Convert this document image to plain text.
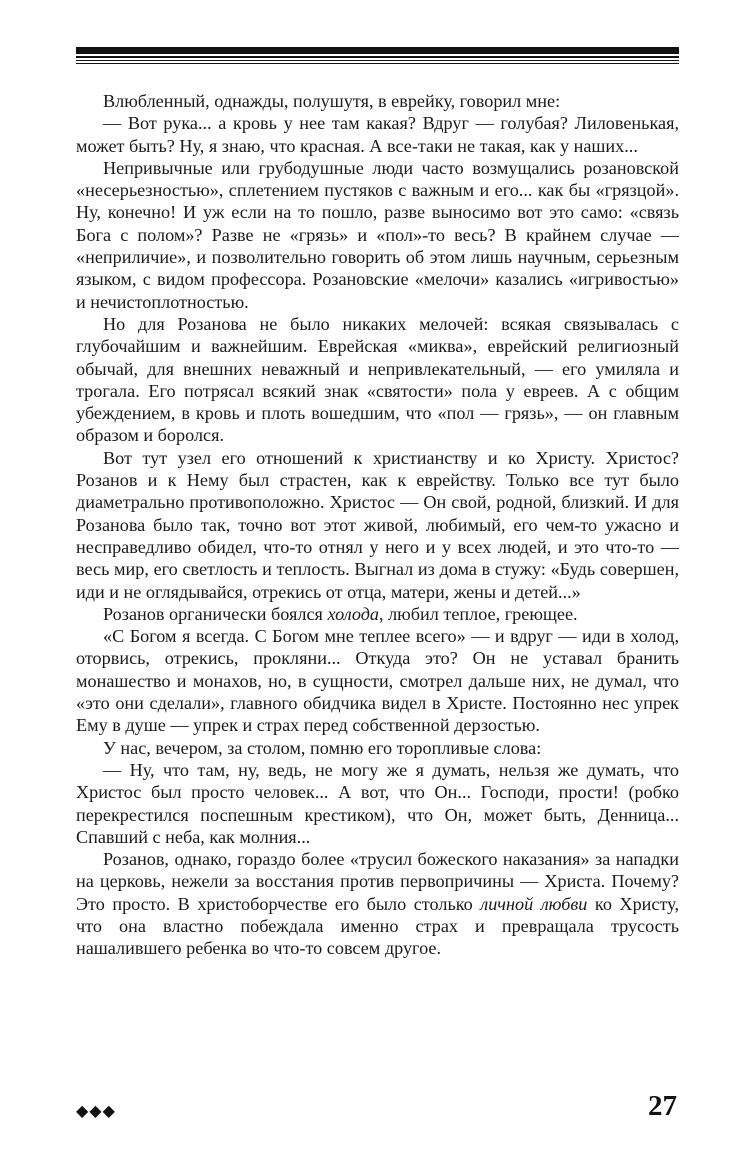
Влюбленный, однажды, полушутя, в еврейку, говорил мне:

— Вот рука... а кровь у нее там какая? Вдруг — голубая? Лиловенькая, может быть? Ну, я знаю, что красная. А все-таки не такая, как у наших...

Непривычные или грубодушные люди часто возмущались розановской «несерьезностью», сплетением пустяков с важным и его... как бы «грязцой». Ну, конечно! И уж если на то пошло, разве выносимо вот это само: «связь Бога с полом»? Разве не «грязь» и «пол»-то весь? В крайнем случае — «неприличие», и позволительно говорить об этом лишь научным, серьезным языком, с видом профессора. Розановские «мелочи» казались «игривостью» и нечистоплотностью.

Но для Розанова не было никаких мелочей: всякая связывалась с глубочайшим и важнейшим. Еврейская «миква», еврейский религиозный обычай, для внешних неважный и непривлекательный, — его умиляла и трогала. Его потрясал всякий знак «святости» пола у евреев. А с общим убеждением, в кровь и плоть вошедшим, что «пол — грязь», — он главным образом и боролся.

Вот тут узел его отношений к христианству и ко Христу. Христос? Розанов и к Нему был страстен, как к еврейству. Только все тут было диаметрально противоположно. Христос — Он свой, родной, близкий. И для Розанова было так, точно вот этот живой, любимый, его чем-то ужасно и несправедливо обидел, что-то отнял у него и у всех людей, и это что-то — весь мир, его светлость и теплость. Выгнал из дома в стужу: «Будь совершен, иди и не оглядывайся, отрекись от отца, матери, жены и детей...»

Розанов органически боялся холода, любил теплое, греющее.

«С Богом я всегда. С Богом мне теплее всего» — и вдруг — иди в холод, оторвись, отрекись, прокляни... Откуда это? Он не уставал бранить монашество и монахов, но, в сущности, смотрел дальше них, не думал, что «это они сделали», главного обидчика видел в Христе. Постоянно нес упрек Ему в душе — упрек и страх перед собственной дерзостью.

У нас, вечером, за столом, помню его торопливые слова:

— Ну, что там, ну, ведь, не могу же я думать, нельзя же думать, что Христос был просто человек... А вот, что Он... Господи, прости! (робко перекрестился поспешным крестиком), что Он, может быть, Денница... Спавший с неба, как молния...

Розанов, однако, гораздо более «трусил божеского наказания» за нападки на церковь, нежели за восстания против первопричины — Христа. Почему? Это просто. В христоборчестве его было столько личной любви ко Христу, что она властно побеждала именно страх и превращала трусость нашалившего ребенка во что-то совсем другое.

◆◆◆	27
